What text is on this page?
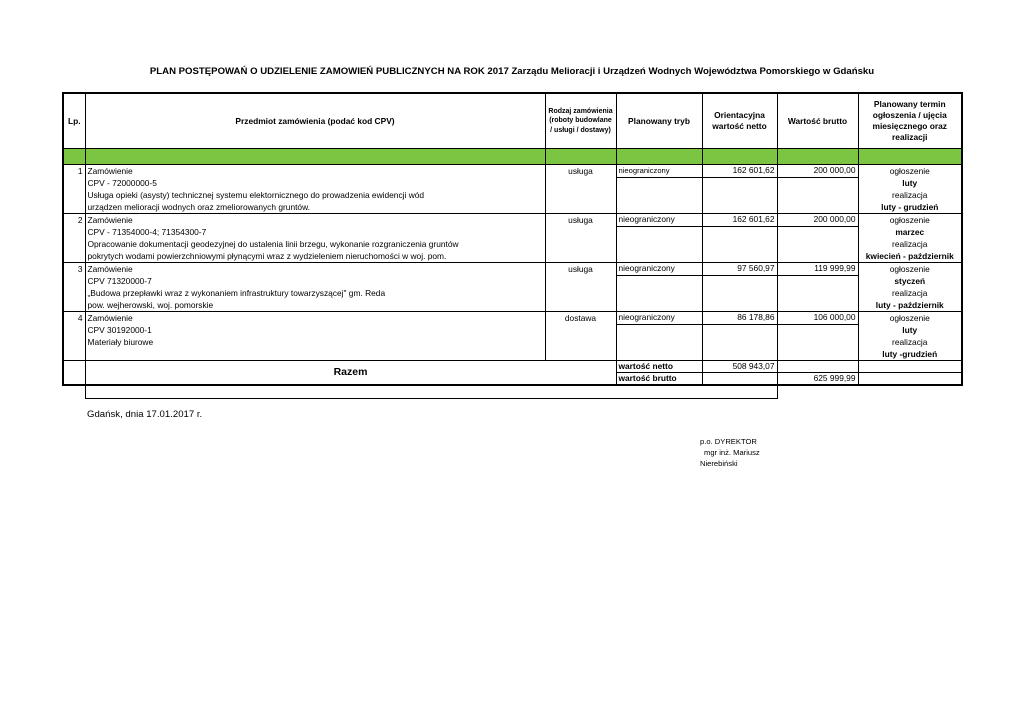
PLAN POSTĘPOWAŃ O UDZIELENIE ZAMOWIEŃ PUBLICZNYCH NA ROK 2017 Zarządu Melioracji i Urządzeń Wodnych Województwa Pomorskiego w Gdańsku
Lp.	Przedmiot zamówienia (podać kod CPV)	Rodzaj zamówienia (roboty budowlane / usługi / dostawy)	Planowany tryb	Orientacyjna wartość netto	Wartość brutto	Planowany termin ogłoszenia / ujęcia miesięcznego oraz realizacji

1	Zamówienie	usługa	nieograniczony	162 601,62	200 000,00	ogłoszenie
	CPV - 72000000-5					luty
	Usługa opieki (asysty) technicznej systemu elektornicznego do prowadzenia ewidencji wód					realizacja
	urządzen melioracji wodnych oraz zmeliorowanych gruntów.					luty - grudzień
2	Zamówienie	usługa	nieograniczony	162 601,62	200 000,00	ogłoszenie
	CPV - 71354000-4; 71354300-7					marzec
	Opracowanie dokumentacji geodezyjnej do ustalenia linii brzegu, wykonanie rozgraniczenia gruntów					realizacja
	pokrytych wodami powierzchniowymi płynącymi wraz z wydzieleniem nieruchomości w woj. pom.					kwiecień - październik
3	Zamówienie	usługa	nieograniczony	97 560,97	119 999,99	ogłoszenie
	CPV 71320000-7					styczeń
	„Budowa przepławki wraz z wykonaniem infrastruktury towarzyszącej" gm. Reda					realizacja
	pow. wejherowski, woj. pomorskie					luty - październik
4	Zamówienie	dostawa	nieograniczony	86 178,86	106 000,00	ogłoszenie
	CPV 30192000-1					luty
	Materiały biurowe					realizacja
						luty -grudzień
	Razem		wartość netto	508 943,07		
			wartość brutto		625 999,99	

Gdańsk, dnia 17.01.2017 r.
p.o. DYREKTOR
mgr inż. Mariusz
Nierebiński
